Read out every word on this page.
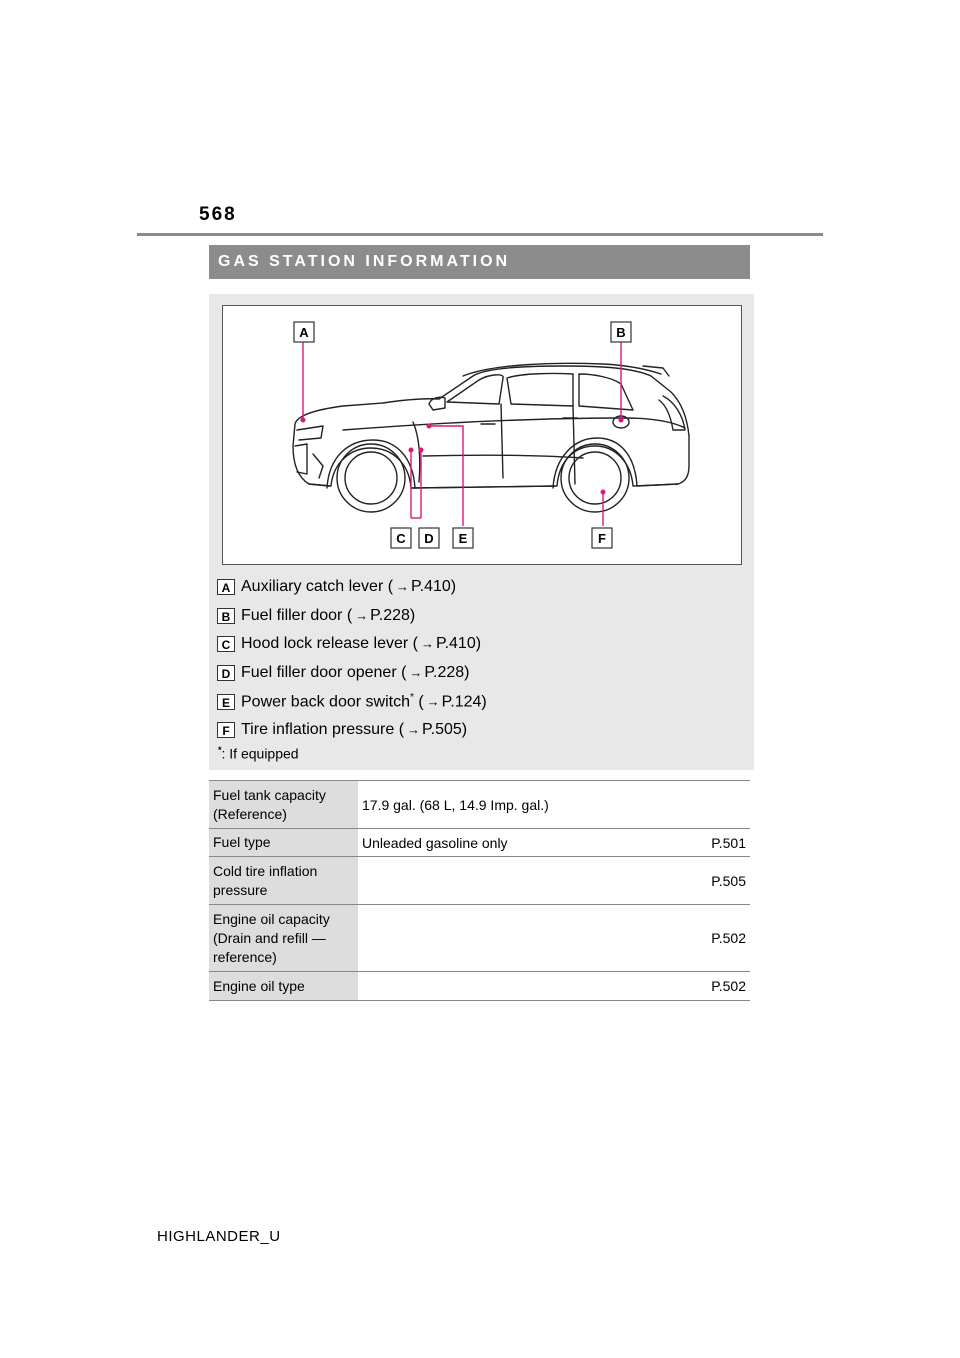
568
GAS STATION INFORMATION
A	B
C D E	F
A Auxiliary catch lever ( → P.410)
B Fuel filler door ( → P.228)
C Hood lock release lever ( → P.410)
D Fuel filler door opener ( → P.228)
E Power back door switch* ( → P.124)
F Tire inflation pressure ( → P.505)
*: If equipped
Fuel tank capacity
(Reference)	17.9 gal. (68 L, 14.9 Imp. gal.)

Fuel type	Unleaded gasoline only P.501

Cold tire inflation
pressure	P.505

Engine oil capacity
(Drain and refill —
reference)	P.502

Engine oil type	P.502
HIGHLANDER_U
